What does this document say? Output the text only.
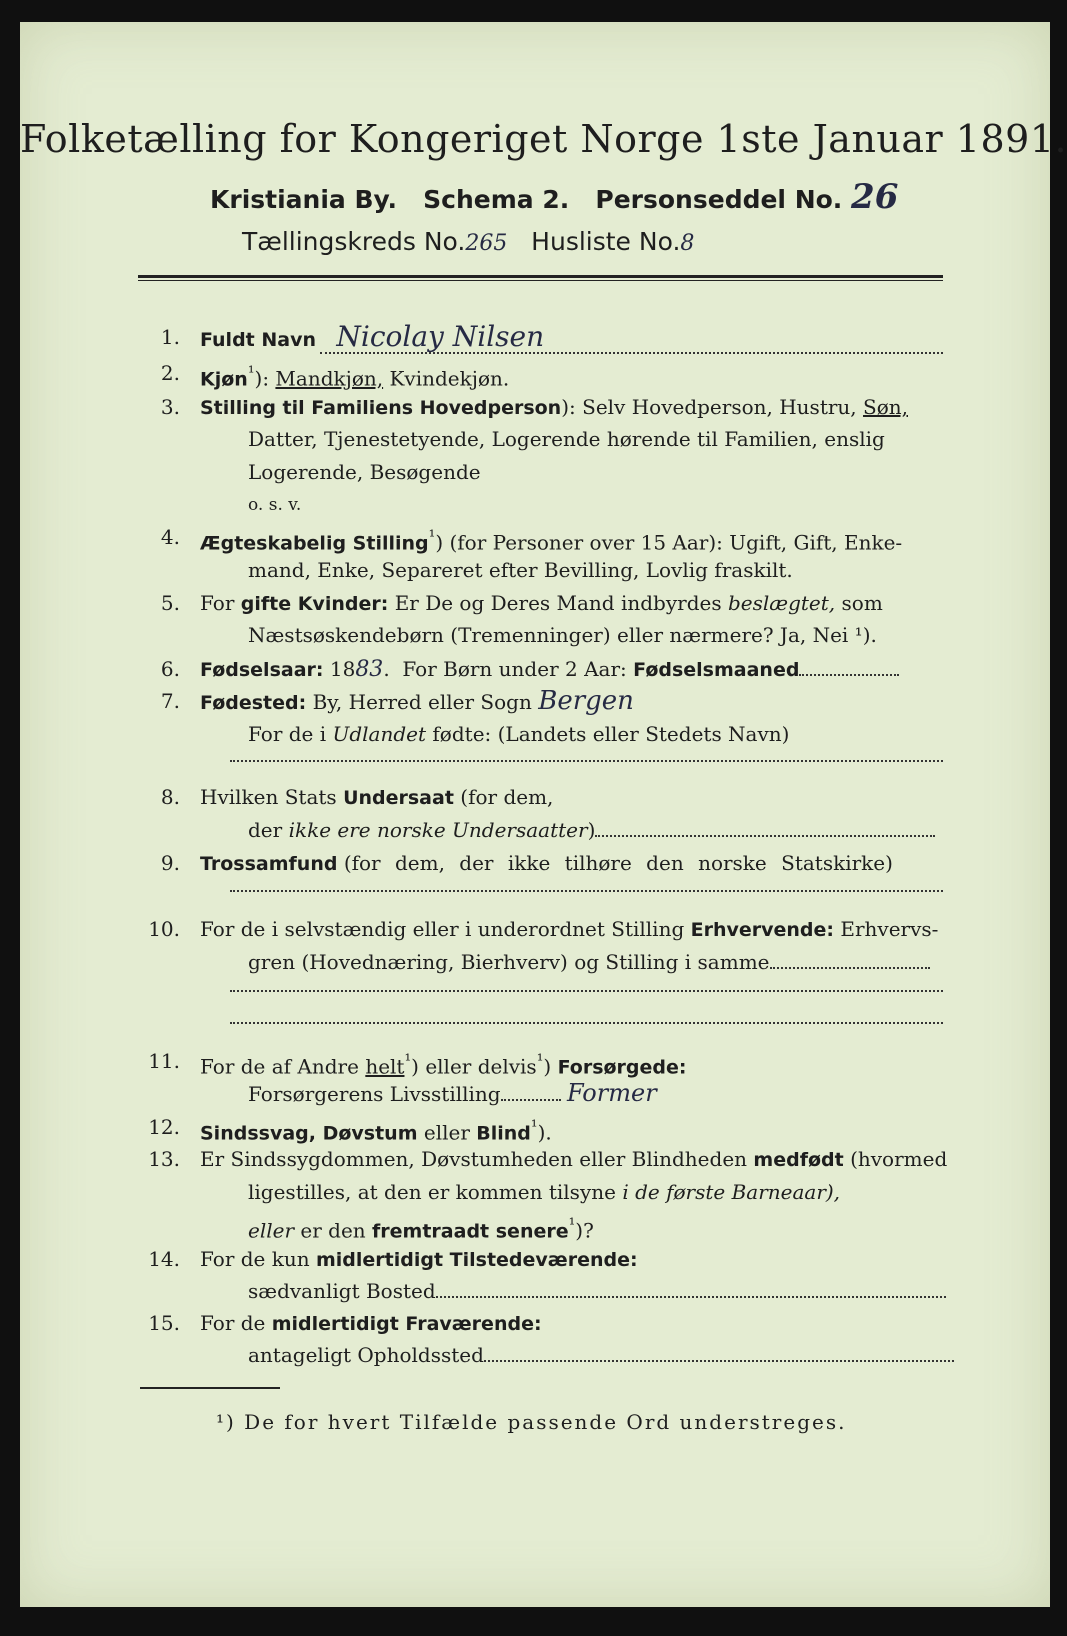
Folketælling for Kongeriget Norge 1ste Januar 1891.
Kristiania By. Schema 2. Personseddel No. 26
Tællingskreds No.265 Husliste No.8
1. Fuldt Navn Nicolay Nilsen
2. Kjøn$^{^1}$): Mandkjøn, Kvindekjøn.
3. Stilling til Familiens Hovedperson): Selv Hovedperson, Hustru, Søn,
Datter, Tjenestetyende, Logerende hørende til Familien, enslig
Logerende, Besøgende
o. s. v.
4. Ægteskabelig Stilling$^{^1}$) (for Personer over 15 Aar): Ugift, Gift, Enke-
mand, Enke, Separeret efter Bevilling, Lovlig fraskilt.
5. For gifte Kvinder: Er De og Deres Mand indbyrdes beslægtet, som
Næstsøskendebørn (Tremenninger) eller nærmere? Ja, Nei ¹).
6. Fødselsaar: 1883.  For Børn under 2 Aar: Fødselsmaaned
7. Fødested: By, Herred eller Sogn Bergen
For de i Udlandet fødte: (Landets eller Stedets Navn)
8. Hvilken Stats Undersaat (for dem,
der ikke ere norske Undersaatter)
9. Trossamfund (for dem, der ikke tilhøre den norske Statskirke)
10. For de i selvstændig eller i underordnet Stilling Erhvervende: Erhvervs-
gren (Hovednæring, Bierhverv) og Stilling i samme
11. For de af Andre helt$^{^1}$) eller delvis$^{^1}$) Forsørgede:
Forsørgerens Livsstilling	Former
12. Sindssvag, Døvstum eller Blind$^{^1}$).
13. Er Sindssygdommen, Døvstumheden eller Blindheden medfødt (hvormed
ligestilles, at den er kommen tilsyne i de første Barneaar),
eller er den fremtraadt senere$^{^1}$)?
14. For de kun midlertidigt Tilstedeværende:
sædvanligt Bosted
15. For de midlertidigt Fraværende:
antageligt Opholdssted
¹) De for hvert Tilfælde passende Ord understreges.
